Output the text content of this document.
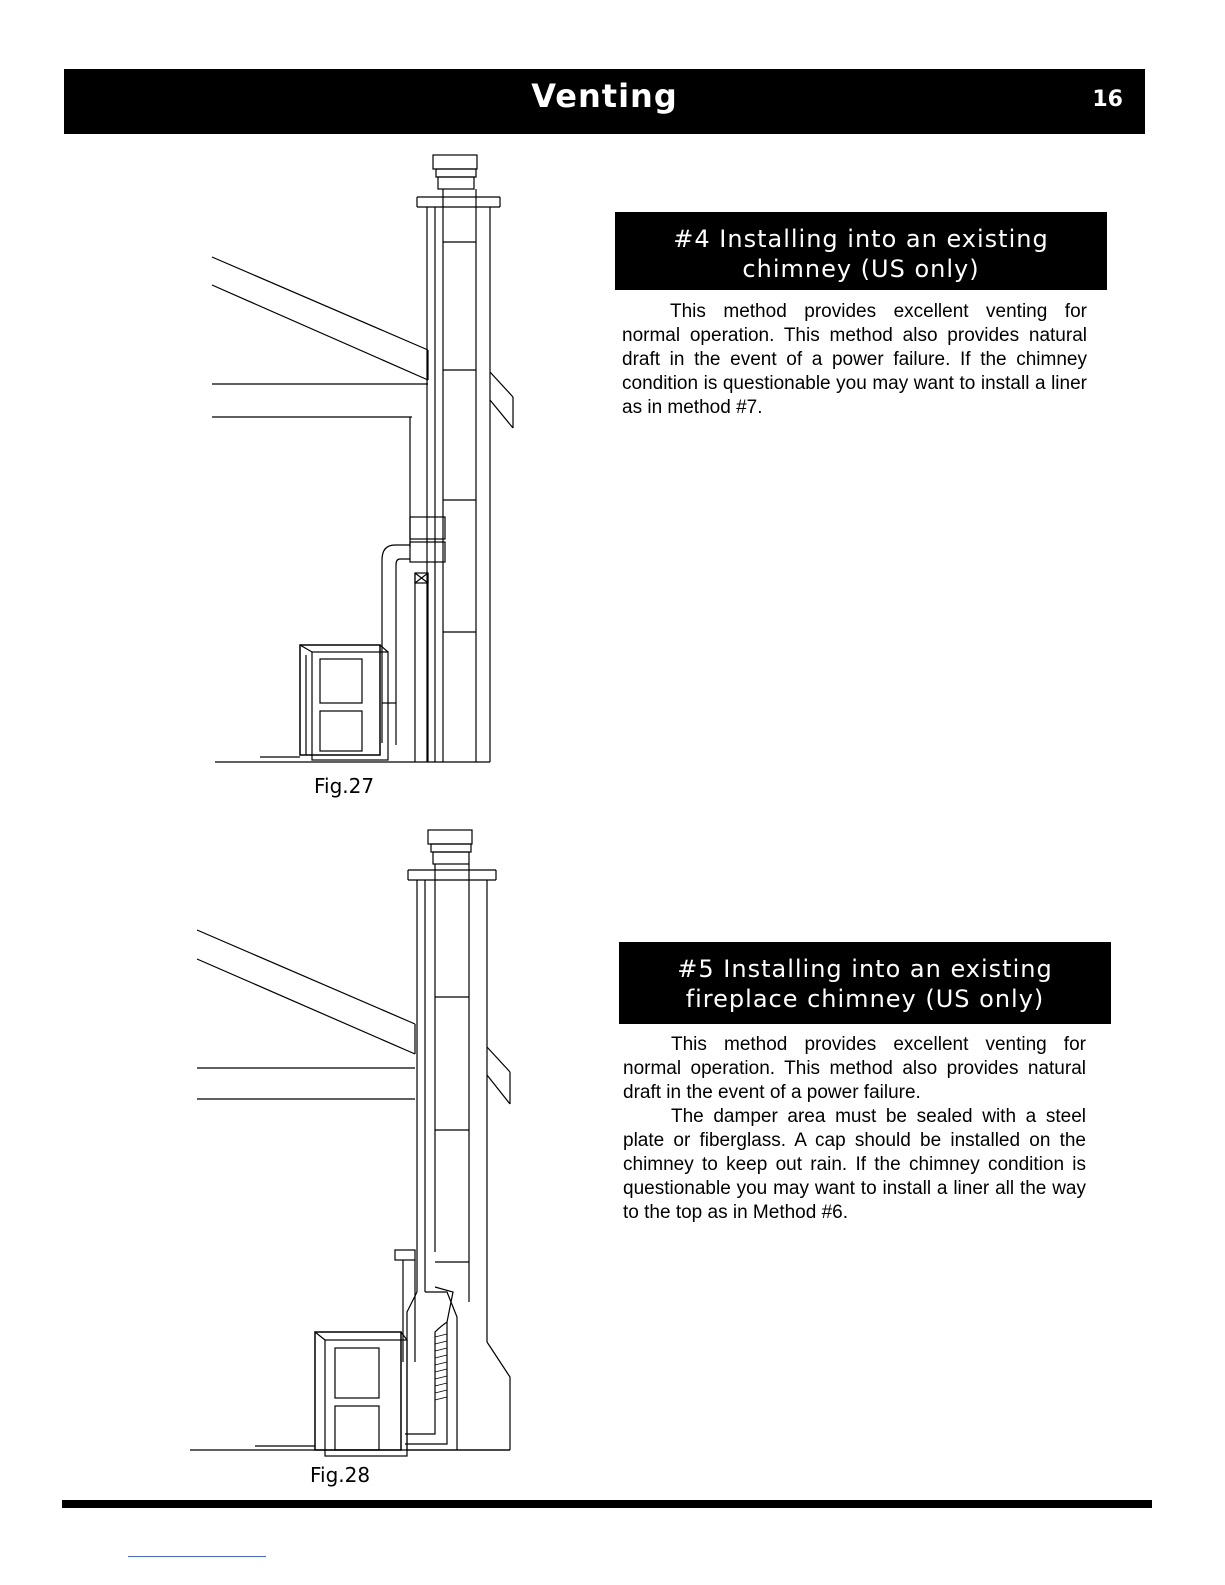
Venting	16
Fig.27
Fig.28
#4 Installing into an existing
chimney (US only)

This method provides excellent venting for normal operation. This method also provides natural draft in the event of a power failure. If the chimney condition is questionable you may want to install a liner as in method #7.

#5 Installing into an existing
fireplace chimney (US only)

This method provides excellent venting for normal operation. This method also provides natural draft in the event of a power failure.

The damper area must be sealed with a steel plate or fiberglass. A cap should be installed on the chimney to keep out rain. If the chimney condition is questionable you may want to install a liner all the way to the top as in Method #6.
